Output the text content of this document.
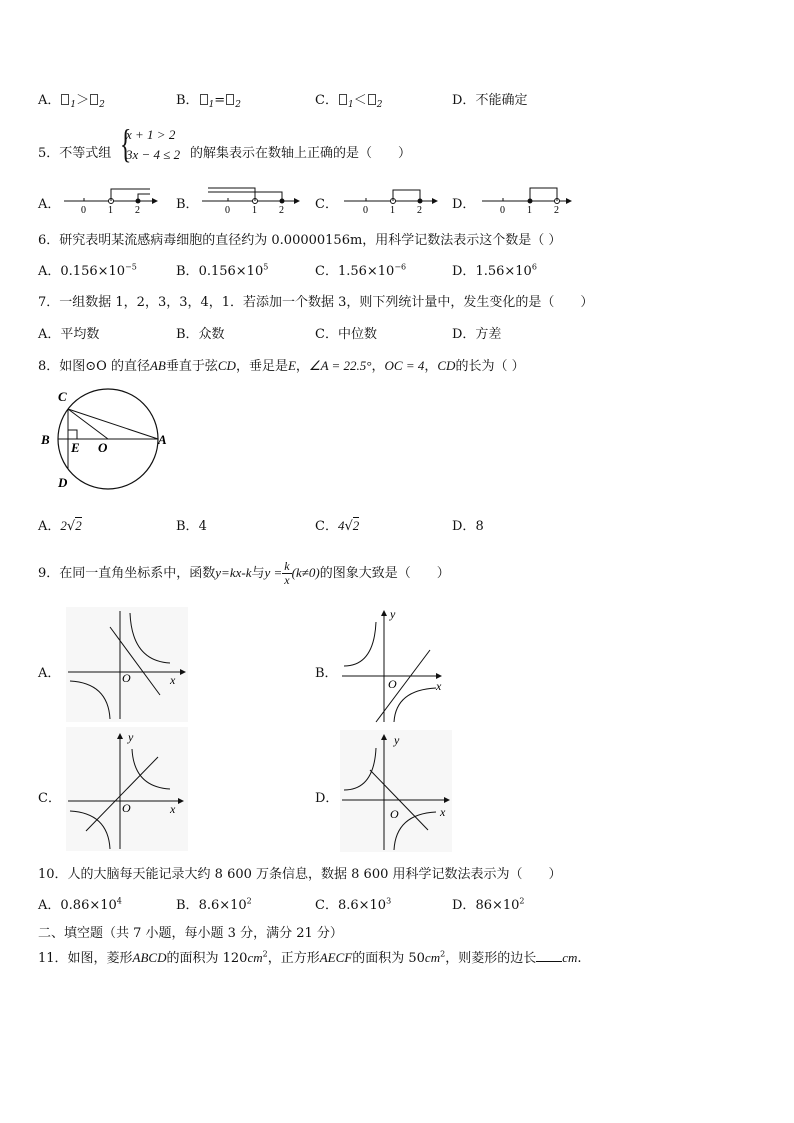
A． $_1$＞ $_2$	B． $_1$= $_2$	C． $_1$＜ $_2$	D．不能确定
5．不等式组 {
x + 1 > 2
3x − 4 ≤ 2 的解集表示在数轴上正确的是（　　）
A．	B．	C．	D．
0 1 2	0 1 2	0 1 2	0 1 2
6．研究表明某流感病毒细胞的直径约为 0.00000156m，用科学记数法表示这个数是（ ）
A．$0.156\times 10^{-5}$	B．$0.156\times 10^5$	C．$1.56\times 10^{-6}$	D．$1.56\times 10^6$
7．一组数据 1，2，3，3，4，1．若添加一个数据 3，则下列统计量中，发生变化的是（　　）
A．平均数	B．众数	C．中位数	D．方差
8．如图⊙O 的直径AB垂直于弦CD，垂足是E，∠A = 22.5°，OC = 4，CD的长为（ ）
C
B
E O
A
D
A．2√2	B．4	C．4√2	D．8
9．在同一直角坐标系中，函数y=kx-k与$y = \frac{k}{x} (k\ne 0)$的图象大致是（　　）
A．	B．
C．	D．
O	x
y
O	x
y
O	x
y
O	x
10．人的大脑每天能记录大约 8 600 万条信息，数据 8 600 用科学记数法表示为（　　）
A．$0.86\times 10^4$	B．$8.6\times 10^2$	C．$8.6\times 10^3$	D．$86\times 10^2$
二、填空题（共 7 小题，每小题 3 分，满分 21 分）
11．如图，菱形ABCD的面积为 $120cm^2$，正方形AECF的面积为 $50cm^2$，则菱形的边长 cm.
